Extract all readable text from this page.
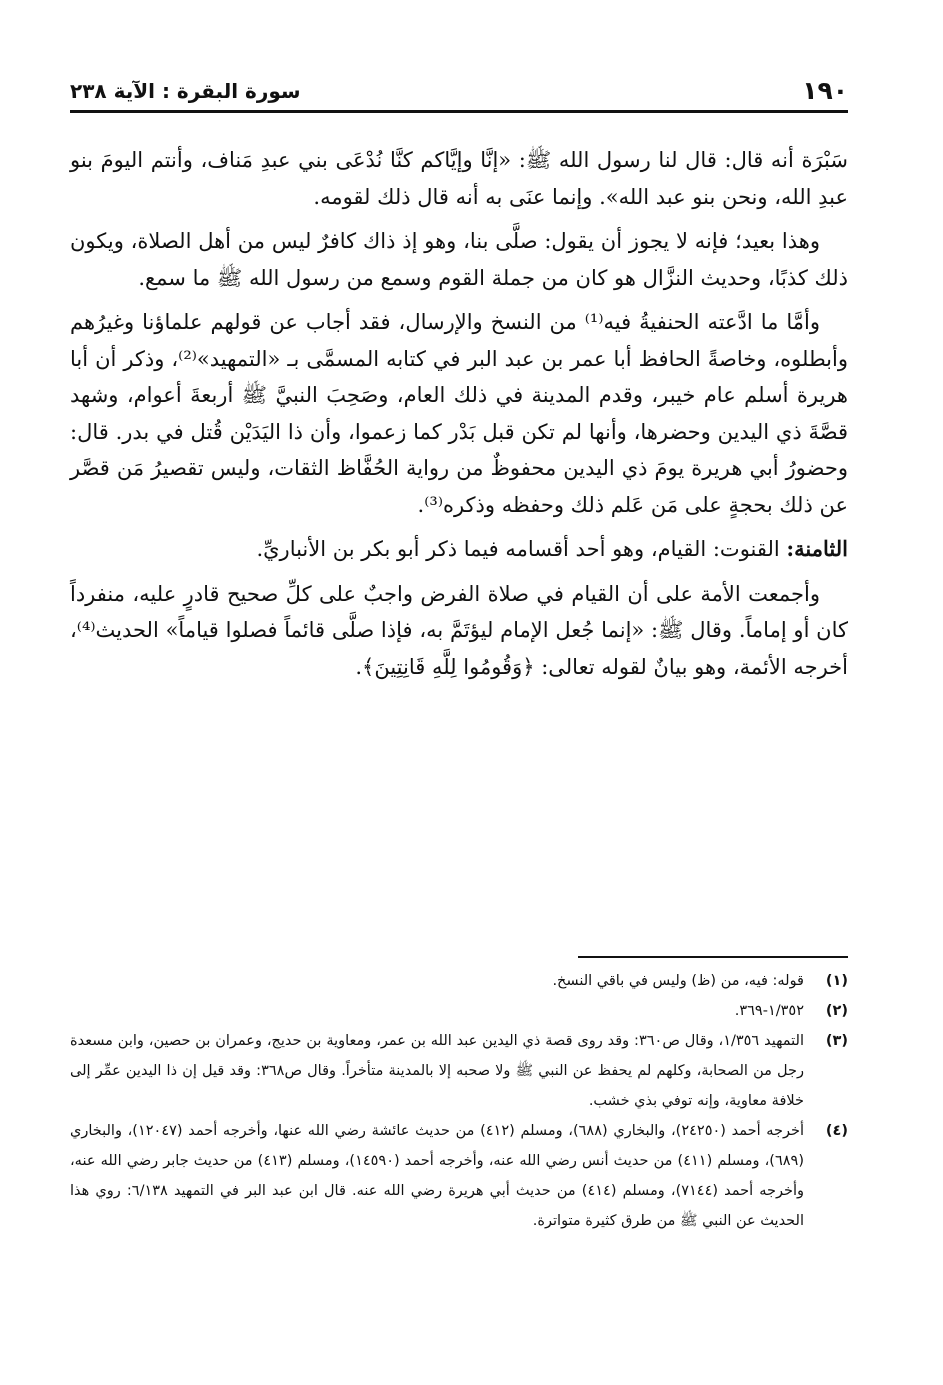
١٩٠
سورة البقرة : الآية ٢٣٨

سَبْرَة أنه قال: قال لنا رسول الله ﷺ: «إنَّا وإيَّاكم كنَّا نُدْعَى بني عبدِ مَناف، وأنتم اليومَ بنو عبدِ الله، ونحن بنو عبد الله». وإنما عنَى به أنه قال ذلك لقومه.

وهذا بعيد؛ فإنه لا يجوز أن يقول: صلَّى بنا، وهو إذ ذاك كافرٌ ليس من أهل الصلاة، ويكون ذلك كذبًا، وحديث النزَّال هو كان من جملة القوم وسمع من رسول الله ﷺ ما سمع.

وأمَّا ما ادَّعته الحنفيةُ فيه⁽¹⁾ من النسخ والإرسال، فقد أجاب عن قولهم علماؤنا وغيرُهم وأبطلوه، وخاصةً الحافظ أبا عمر بن عبد البر في كتابه المسمَّى بـ «التمهيد»⁽²⁾، وذكر أن أبا هريرة أسلم عام خيبر، وقدم المدينة في ذلك العام، وصَحِبَ النبيَّ ﷺ أربعةَ أعوام، وشهد قصَّةَ ذي اليدين وحضرها، وأنها لم تكن قبل بَدْر كما زعموا، وأن ذا اليَدَيْن قُتل في بدر. قال: وحضورُ أبي هريرة يومَ ذي اليدين محفوظٌ من رواية الحُفَّاظ الثقات، وليس تقصيرُ مَن قصَّر عن ذلك بحجةٍ على مَن عَلم ذلك وحفظه وذكره⁽³⁾.

الثامنة: القنوت: القيام، وهو أحد أقسامه فيما ذكر أبو بكر بن الأنباريِّ.

وأجمعت الأمة على أن القيام في صلاة الفرض واجبٌ على كلِّ صحيح قادرٍ عليه، منفرداً كان أو إماماً. وقال ﷺ: «إنما جُعل الإمام ليؤتَمَّ به، فإذا صلَّى قائماً فصلوا قياماً» الحديث⁽⁴⁾، أخرجه الأئمة، وهو بيانٌ لقوله تعالى: ﴿وَقُومُوا لِلَّهِ قَانِتِينَ﴾.

(١)
قوله: فيه، من (ظ) وليس في باقي النسخ.
(٢)
١/٣٥٢-٣٦٩.
(٣)
التمهيد ١/٣٥٦، وقال ص٣٦٠: وقد روى قصة ذي اليدين عبد الله بن عمر، ومعاوية بن حديج، وعمران بن حصين، وابن مسعدة رجل من الصحابة، وكلهم لم يحفظ عن النبي ﷺ ولا صحبه إلا بالمدينة متأخراً. وقال ص٣٦٨: وقد قيل إن ذا اليدين عمِّر إلى خلافة معاوية، وإنه توفي بذي خشب.
(٤)
أخرجه أحمد (٢٤٢٥٠)، والبخاري (٦٨٨)، ومسلم (٤١٢) من حديث عائشة رضي الله عنها، وأخرجه أحمد (١٢٠٤٧)، والبخاري (٦٨٩)، ومسلم (٤١١) من حديث أنس رضي الله عنه، وأخرجه أحمد (١٤٥٩٠)، ومسلم (٤١٣) من حديث جابر رضي الله عنه، وأخرجه أحمد (٧١٤٤)، ومسلم (٤١٤) من حديث أبي هريرة رضي الله عنه. قال ابن عبد البر في التمهيد ٦/١٣٨: روي هذا الحديث عن النبي ﷺ من طرق كثيرة متواترة.
